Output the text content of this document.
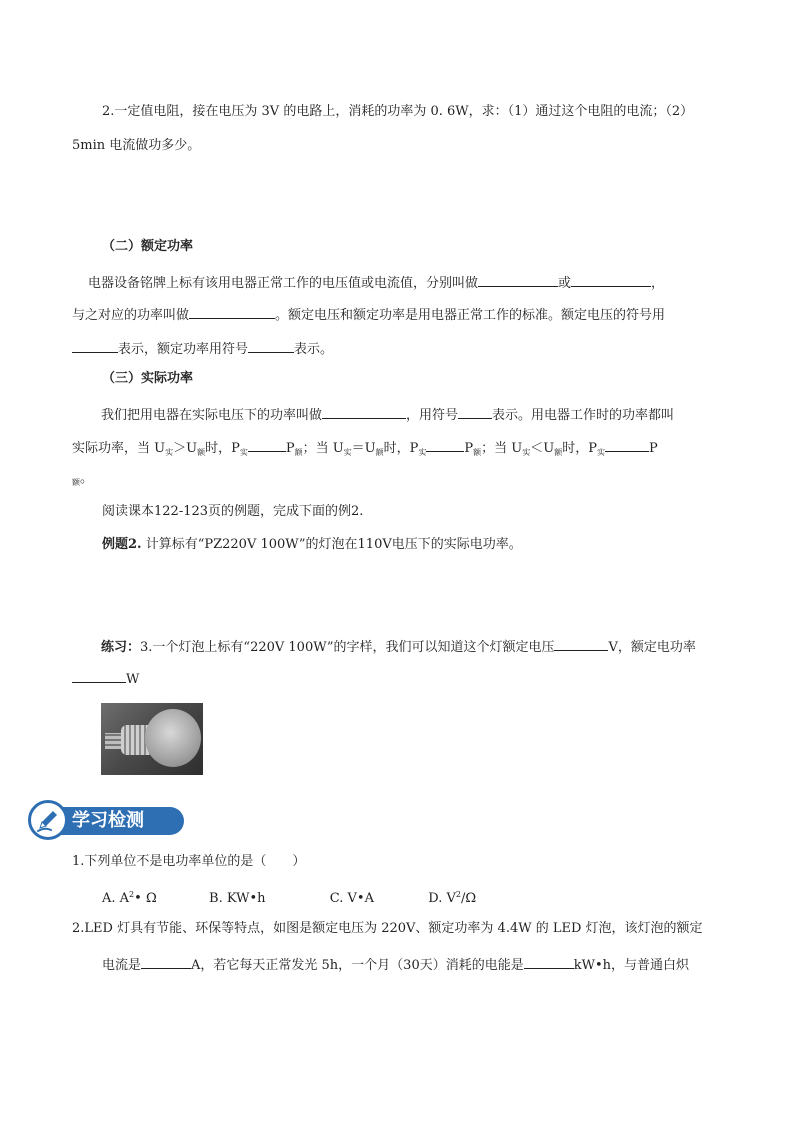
2.一定值电阻，接在电压为 3V 的电路上，消耗的功率为 0. 6W，求：（1）通过这个电阻的电流；（2）
5min 电流做功多少。
（二）额定功率
电器设备铭牌上标有该用电器正常工作的电压值或电流值，分别叫做	或	，
与之对应的功率叫做	。额定电压和额定功率是用电器正常工作的标准。额定电压的符号用
表示，额定功率用符号	表示。
（三）实际功率
我们把用电器在实际电压下的功率叫做	，用符号	表示。用电器工作时的功率都叫
实际功率，当 $U_实>U_额$时，$P_实$	$P_额$；当 $U_实=U_额$时，$P_实$	$P_额$；当 $U_实<U_额$时，$P_实$	P
$_额$。
阅读课本122-123页的例题，完成下面的例2.
例题2. 计算标有“PZ220V 100W”的灯泡在110V电压下的实际电功率。
练习：3.一个灯泡上标有“220V 100W”的字样，我们可以知道这个灯额定电压	V，额定电功率
W
学习检测
1.下列单位不是电功率单位的是（　　）
A. $A^2•$ Ω	B. KW•h	C. V•A	D. $V^2/\Omega$
2.LED 灯具有节能、环保等特点，如图是额定电压为 220V、额定功率为 4.4W 的 LED 灯泡，该灯泡的额定
电流是	A，若它每天正常发光 5h，一个月（30天）消耗的电能是	kW•h，与普通白炽
